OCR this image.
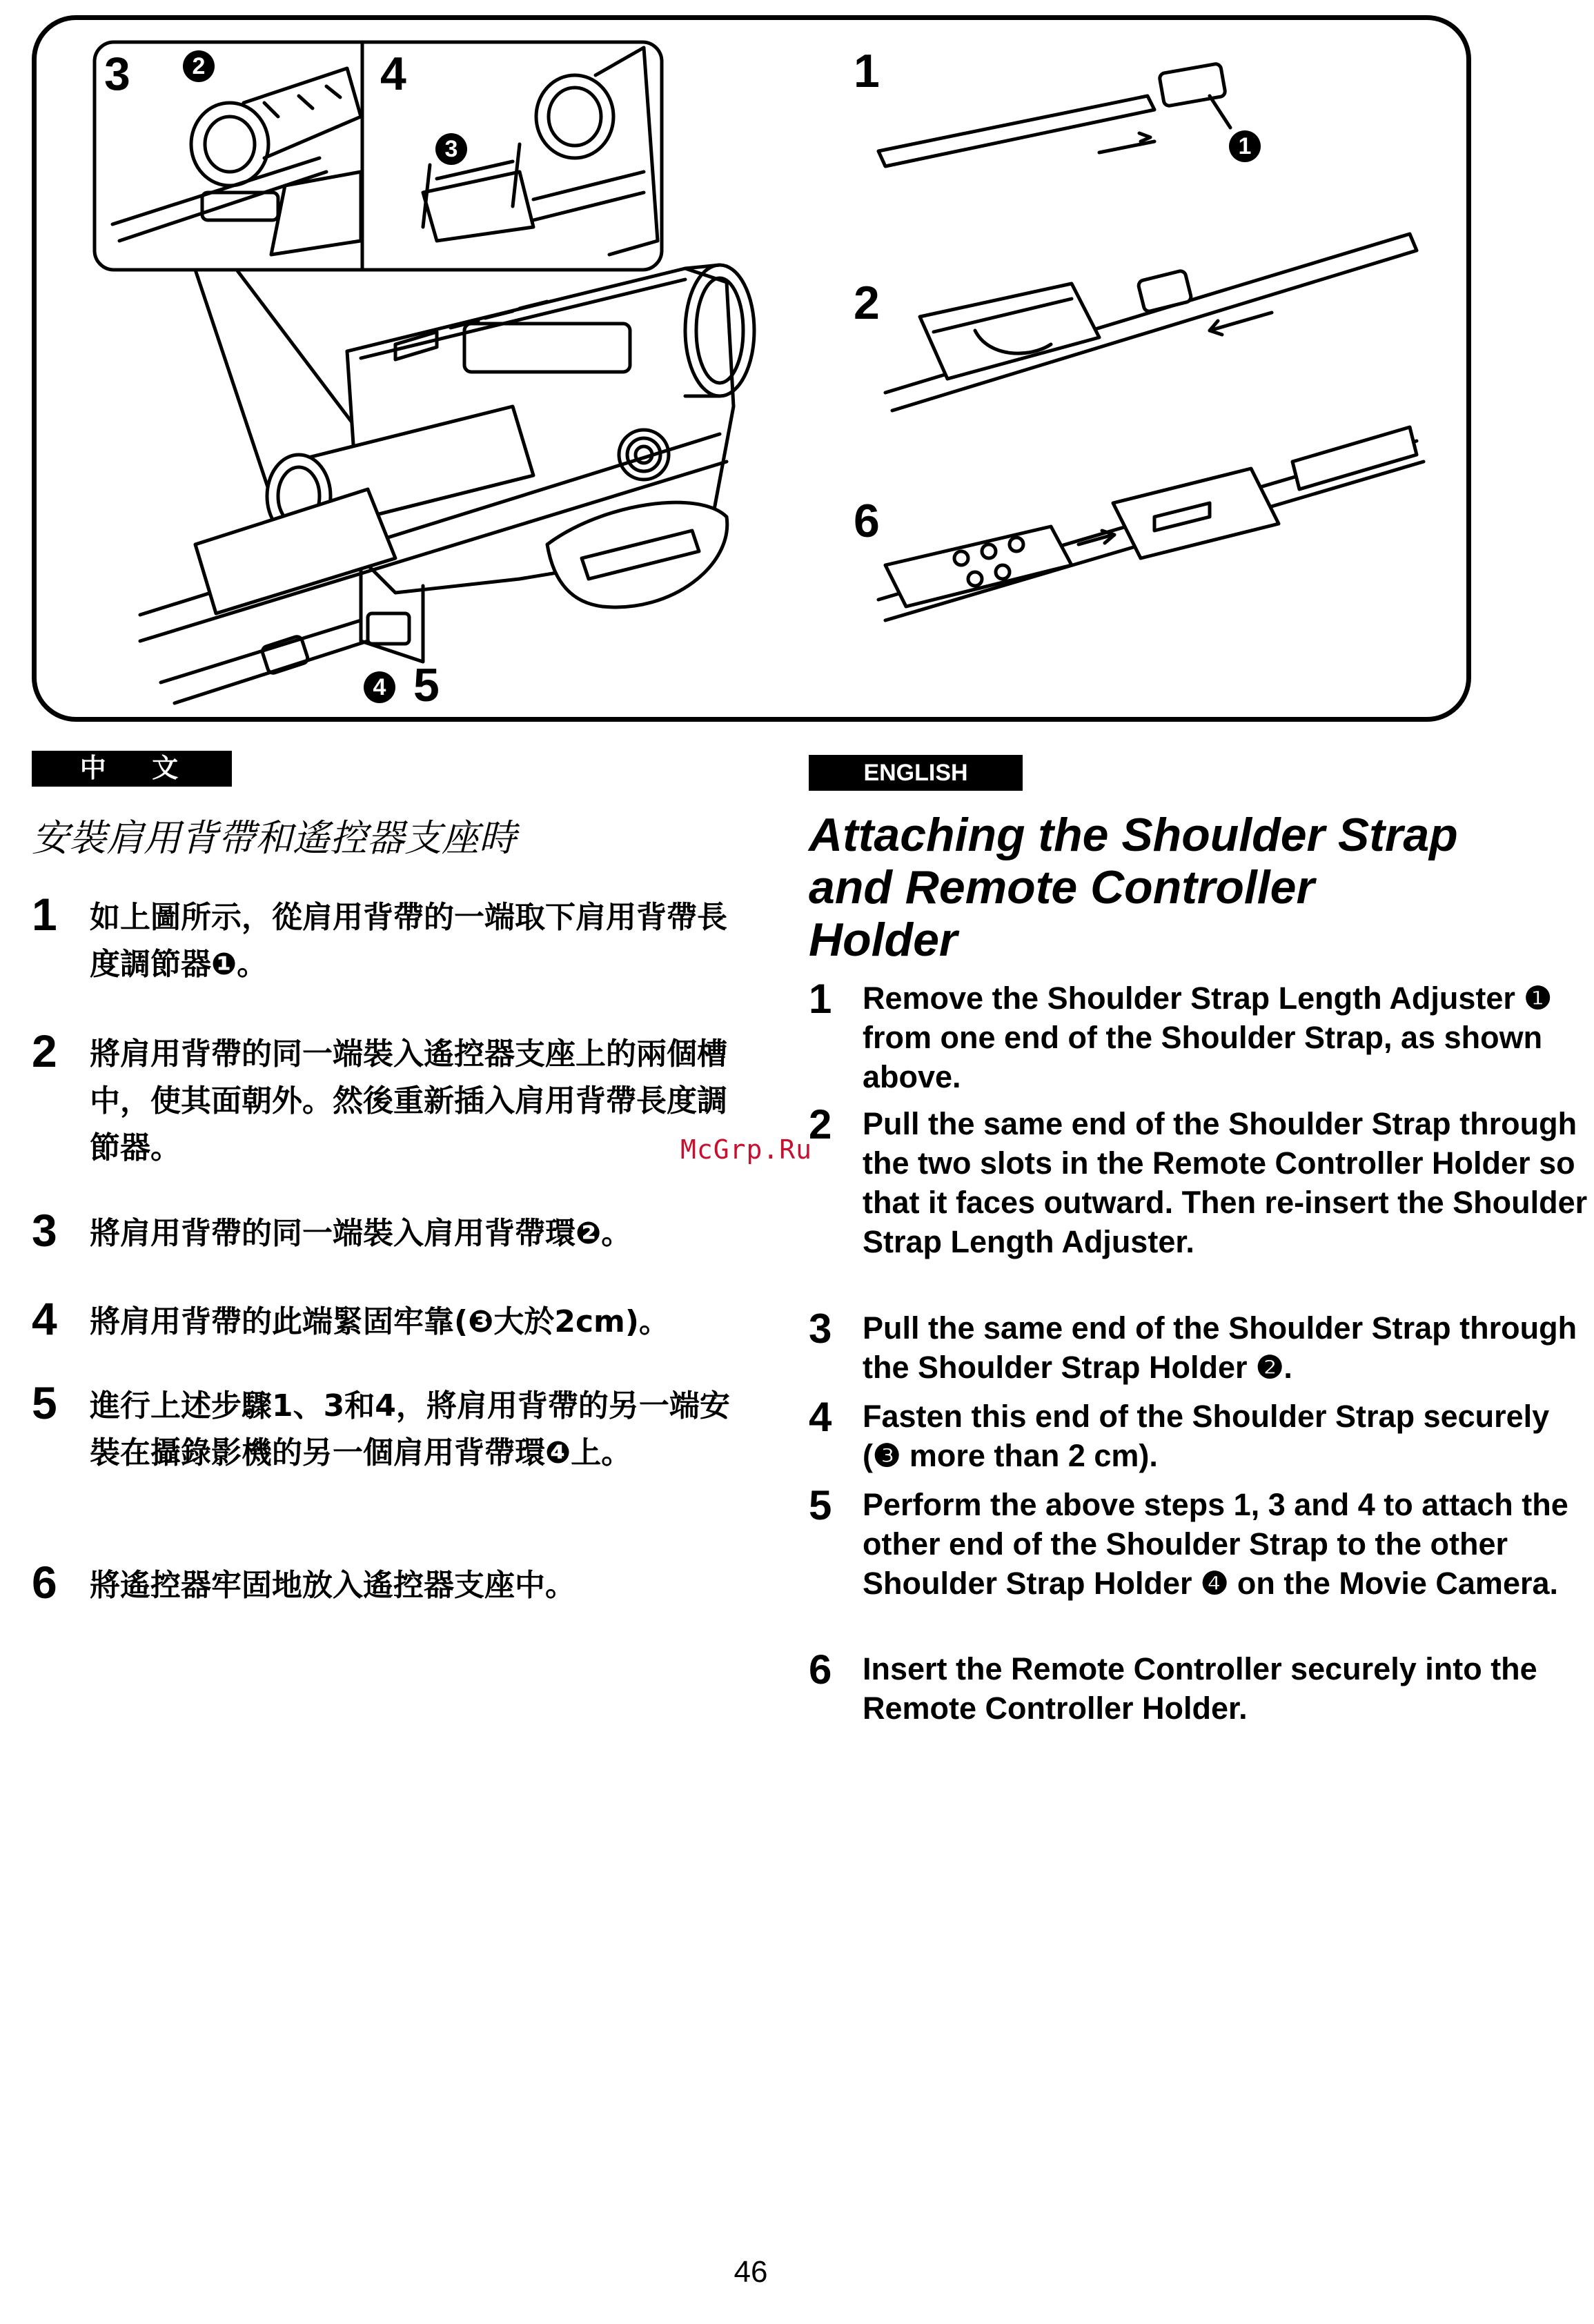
3	4
5
1
2
6
1
2
3
4
中 文
安裝肩用背帶和遙控器支座時
1 如上圖所示，從肩用背帶的一端取下肩用背帶長度調節器❶。
2 將肩用背帶的同一端裝入遙控器支座上的兩個槽中，使其面朝外。然後重新插入肩用背帶長度調節器。
3 將肩用背帶的同一端裝入肩用背帶環❷。
4 將肩用背帶的此端緊固牢靠(❸大於2cm)。
5 進行上述步驟1、3和4，將肩用背帶的另一端安裝在攝錄影機的另一個肩用背帶環❹上。
6 將遙控器牢固地放入遙控器支座中。
McGrp.Ru
ENGLISH
Attaching the Shoulder Strap and Remote Controller Holder
1 Remove the Shoulder Strap Length Adjuster ❶ from one end of the Shoulder Strap, as shown above.
2 Pull the same end of the Shoulder Strap through the two slots in the Remote Controller Holder so that it faces outward. Then re-insert the Shoulder Strap Length Adjuster.
3 Pull the same end of the Shoulder Strap through the Shoulder Strap Holder ❷.
4 Fasten this end of the Shoulder Strap securely (❸ more than 2 cm).
5 Perform the above steps 1, 3 and 4 to attach the other end of the Shoulder Strap to the other Shoulder Strap Holder ❹ on the Movie Camera.
6 Insert the Remote Controller securely into the Remote Controller Holder.
46
